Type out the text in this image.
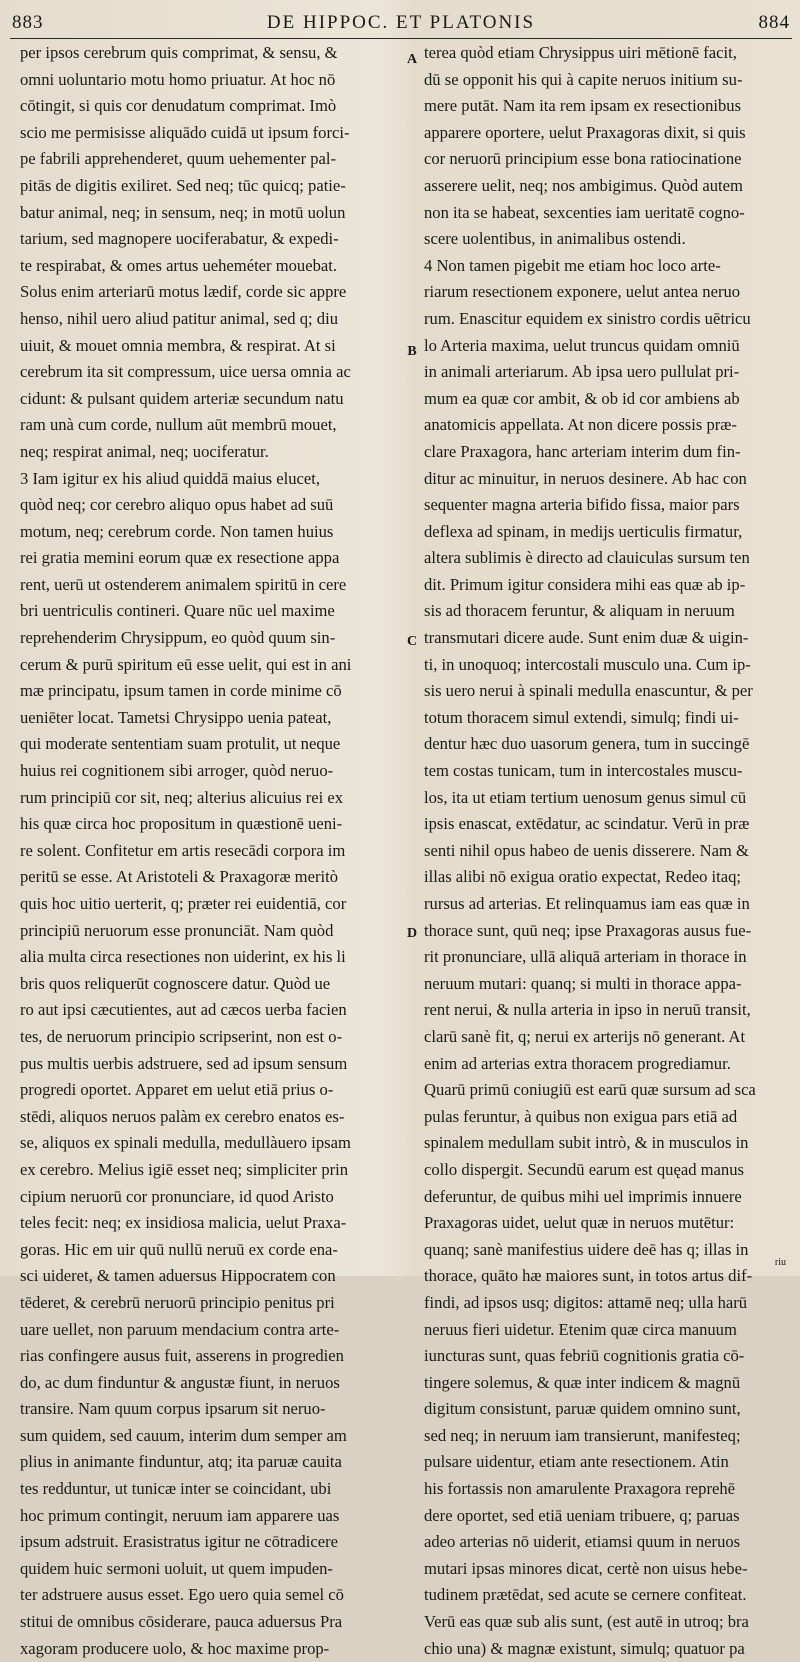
883	DE HIPPOC. ET PLATONIS	884
per ipsos cerebrum quis comprimat, & sensu, &
omni uoluntario motu homo priuatur. At hoc nō
cōtingit, si quis cor denudatum comprimat. Imò
scio me permisisse aliquādo cuidā ut ipsum forci-
pe fabrili apprehenderet, quum uehementer pal-
pitās de digitis exiliret. Sed neq; tūc quicq; patie-
batur animal, neq; in sensum, neq; in motū uolun
tarium, sed magnopere uociferabatur, & expedi-
te respirabat, & omes artus ueheméter mouebat.
Solus enim arteriarū motus lædif, corde sic appre
henso, nihil uero aliud patitur animal, sed q; diu
uiuit, & mouet omnia membra, & respirat. At si
cerebrum ita sit compressum, uice uersa omnia ac
cidunt: & pulsant quidem arteriæ secundum natu
ram unà cum corde, nullum aūt membrū mouet,
neq; respirat animal, neq; uociferatur.
3 Iam igitur ex his aliud quiddā maius elucet,
quòd neq; cor cerebro aliquo opus habet ad suū
motum, neq; cerebrum corde. Non tamen huius
rei gratia memini eorum quæ ex resectione appa
rent, uerū ut ostenderem animalem spiritū in cere
bri uentriculis contineri. Quare nūc uel maxime
reprehenderim Chrysippum, eo quòd quum sin-
cerum & purū spiritum eū esse uelit, qui est in ani
mæ principatu, ipsum tamen in corde minime cō
ueniēter locat. Tametsi Chrysippo uenia pateat,
qui moderate sententiam suam protulit, ut neque
huius rei cognitionem sibi arroger, quòd neruo-
rum principiū cor sit, neq; alterius alicuius rei ex
his quæ circa hoc propositum in quæstionē ueni-
re solent. Confitetur em artis resecādi corpora im
peritū se esse. At Aristoteli & Praxagoræ meritò
quis hoc uitio uerterit, q; præter rei euidentiā, cor
principiū neruorum esse pronunciāt. Nam quòd
alia multa circa resectiones non uiderint, ex his li
bris quos reliquerūt cognoscere datur. Quòd ue
ro aut ipsi cæcutientes, aut ad cæcos uerba facien
tes, de neruorum principio scripserint, non est o-
pus multis uerbis adstruere, sed ad ipsum sensum
progredi oportet. Apparet em uelut etiā prius o-
stēdi, aliquos neruos palàm ex cerebro enatos es-
se, aliquos ex spinali medulla, medullàuero ipsam
ex cerebro. Melius igiē esset neq; simpliciter prin
cipium neruorū cor pronunciare, id quod Aristo
teles fecit: neq; ex insidiosa malicia, uelut Praxa-
goras. Hic em uir quū nullū neruū ex corde ena-
sci uideret, & tamen aduersus Hippocratem con
tēderet, & cerebrū neruorū principio penitus pri
uare uellet, non paruum mendacium contra arte-
rias confingere ausus fuit, asserens in progredien
do, ac dum finduntur & angustæ fiunt, in neruos
transire. Nam quum corpus ipsarum sit neruo-
sum quidem, sed cauum, interim dum semper am
plius in animante finduntur, atq; ita paruæ cauita
tes redduntur, ut tunicæ inter se coincidant, ubi
hoc primum contingit, neruum iam apparere uas
ipsum adstruit. Erasistratus igitur ne cōtradicere
quidem huic sermoni uoluit, ut quem impuden-
ter adstruere ausus esset. Ego uero quia semel cō
stitui de omnibus cōsiderare, pauca aduersus Pra
xagoram producere uolo, & hoc maxime prop-
terea quòd etiam Chrysippus uiri mētionē facit,
dū se opponit his qui à capite neruos initium su-
mere putāt. Nam ita rem ipsam ex resectionibus
apparere oportere, uelut Praxagoras dixit, si quis
cor neruorū principium esse bona ratiocinatione
asserere uelit, neq; nos ambigimus. Quòd autem
non ita se habeat, sexcenties iam ueritatē cogno-
scere uolentibus, in animalibus ostendi.
4 Non tamen pigebit me etiam hoc loco arte-
riarum resectionem exponere, uelut antea neruo
rum. Enascitur equidem ex sinistro cordis uētricu
lo Arteria maxima, uelut truncus quidam omniū
in animali arteriarum. Ab ipsa uero pullulat pri-
mum ea quæ cor ambit, & ob id cor ambiens ab
anatomicis appellata. At non dicere possis præ-
clare Praxagora, hanc arteriam interim dum fin-
ditur ac minuitur, in neruos desinere. Ab hac con
sequenter magna arteria bifido fissa, maior pars
deflexa ad spinam, in medijs uerticulis firmatur,
altera sublimis è directo ad clauiculas sursum ten
dit. Primum igitur considera mihi eas quæ ab ip-
sis ad thoracem feruntur, & aliquam in neruum
transmutari dicere aude. Sunt enim duæ & uigin-
ti, in unoquoq; intercostali musculo una. Cum ip-
sis uero nerui à spinali medulla enascuntur, & per
totum thoracem simul extendi, simulq; findi ui-
dentur hæc duo uasorum genera, tum in succingē
tem costas tunicam, tum in intercostales muscu-
los, ita ut etiam tertium uenosum genus simul cū
ipsis enascat, extēdatur, ac scindatur. Verū in præ
senti nihil opus habeo de uenis disserere. Nam &
illas alibi nō exigua oratio expectat, Redeo itaq;
rursus ad arterias. Et relinquamus iam eas quæ in
thorace sunt, quū neq; ipse Praxagoras ausus fue-
rit pronunciare, ullā aliquā arteriam in thorace in
neruum mutari: quanq; si multi in thorace appa-
rent nerui, & nulla arteria in ipso in neruū transit,
clarū sanè fit, q; nerui ex arterijs nō generant. At
enim ad arterias extra thoracem progrediamur.
Quarū primū coniugiū est earū quæ sursum ad sca
pulas feruntur, à quibus non exigua pars etiā ad
spinalem medullam subit intrò, & in musculos in
collo dispergit. Secundū earum est quęad manus
deferuntur, de quibus mihi uel imprimis innuere
Praxagoras uidet, uelut quæ in neruos mutētur:
quanq; sanè manifestius uidere deē has q; illas in
thorace, quāto hæ maiores sunt, in totos artus dif-
findi, ad ipsos usq; digitos: attamē neq; ulla harū
neruus fieri uidetur. Etenim quæ circa manuum
iuncturas sunt, quas febriū cognitionis gratia cō-
tingere solemus, & quæ inter indicem & magnū
digitum consistunt, paruæ quidem omnino sunt,
sed neq; in neruum iam transierunt, manifesteq;
pulsare uidentur, etiam ante resectionem. Atin
his fortassis non amarulente Praxagora reprehē
dere oportet, sed etiā ueniam tribuere, q; paruas
adeo arterias nō uiderit, etiamsi quum in neruos
mutari ipsas minores dicat, certè non uisus hebe-
tudinem prætēdat, sed acute se cernere confiteat.
Verū eas quæ sub alis sunt, (est autē in utroq; bra
chio una) & magnæ existunt, simulq; quatuor pa
A
B
C
D
riu
